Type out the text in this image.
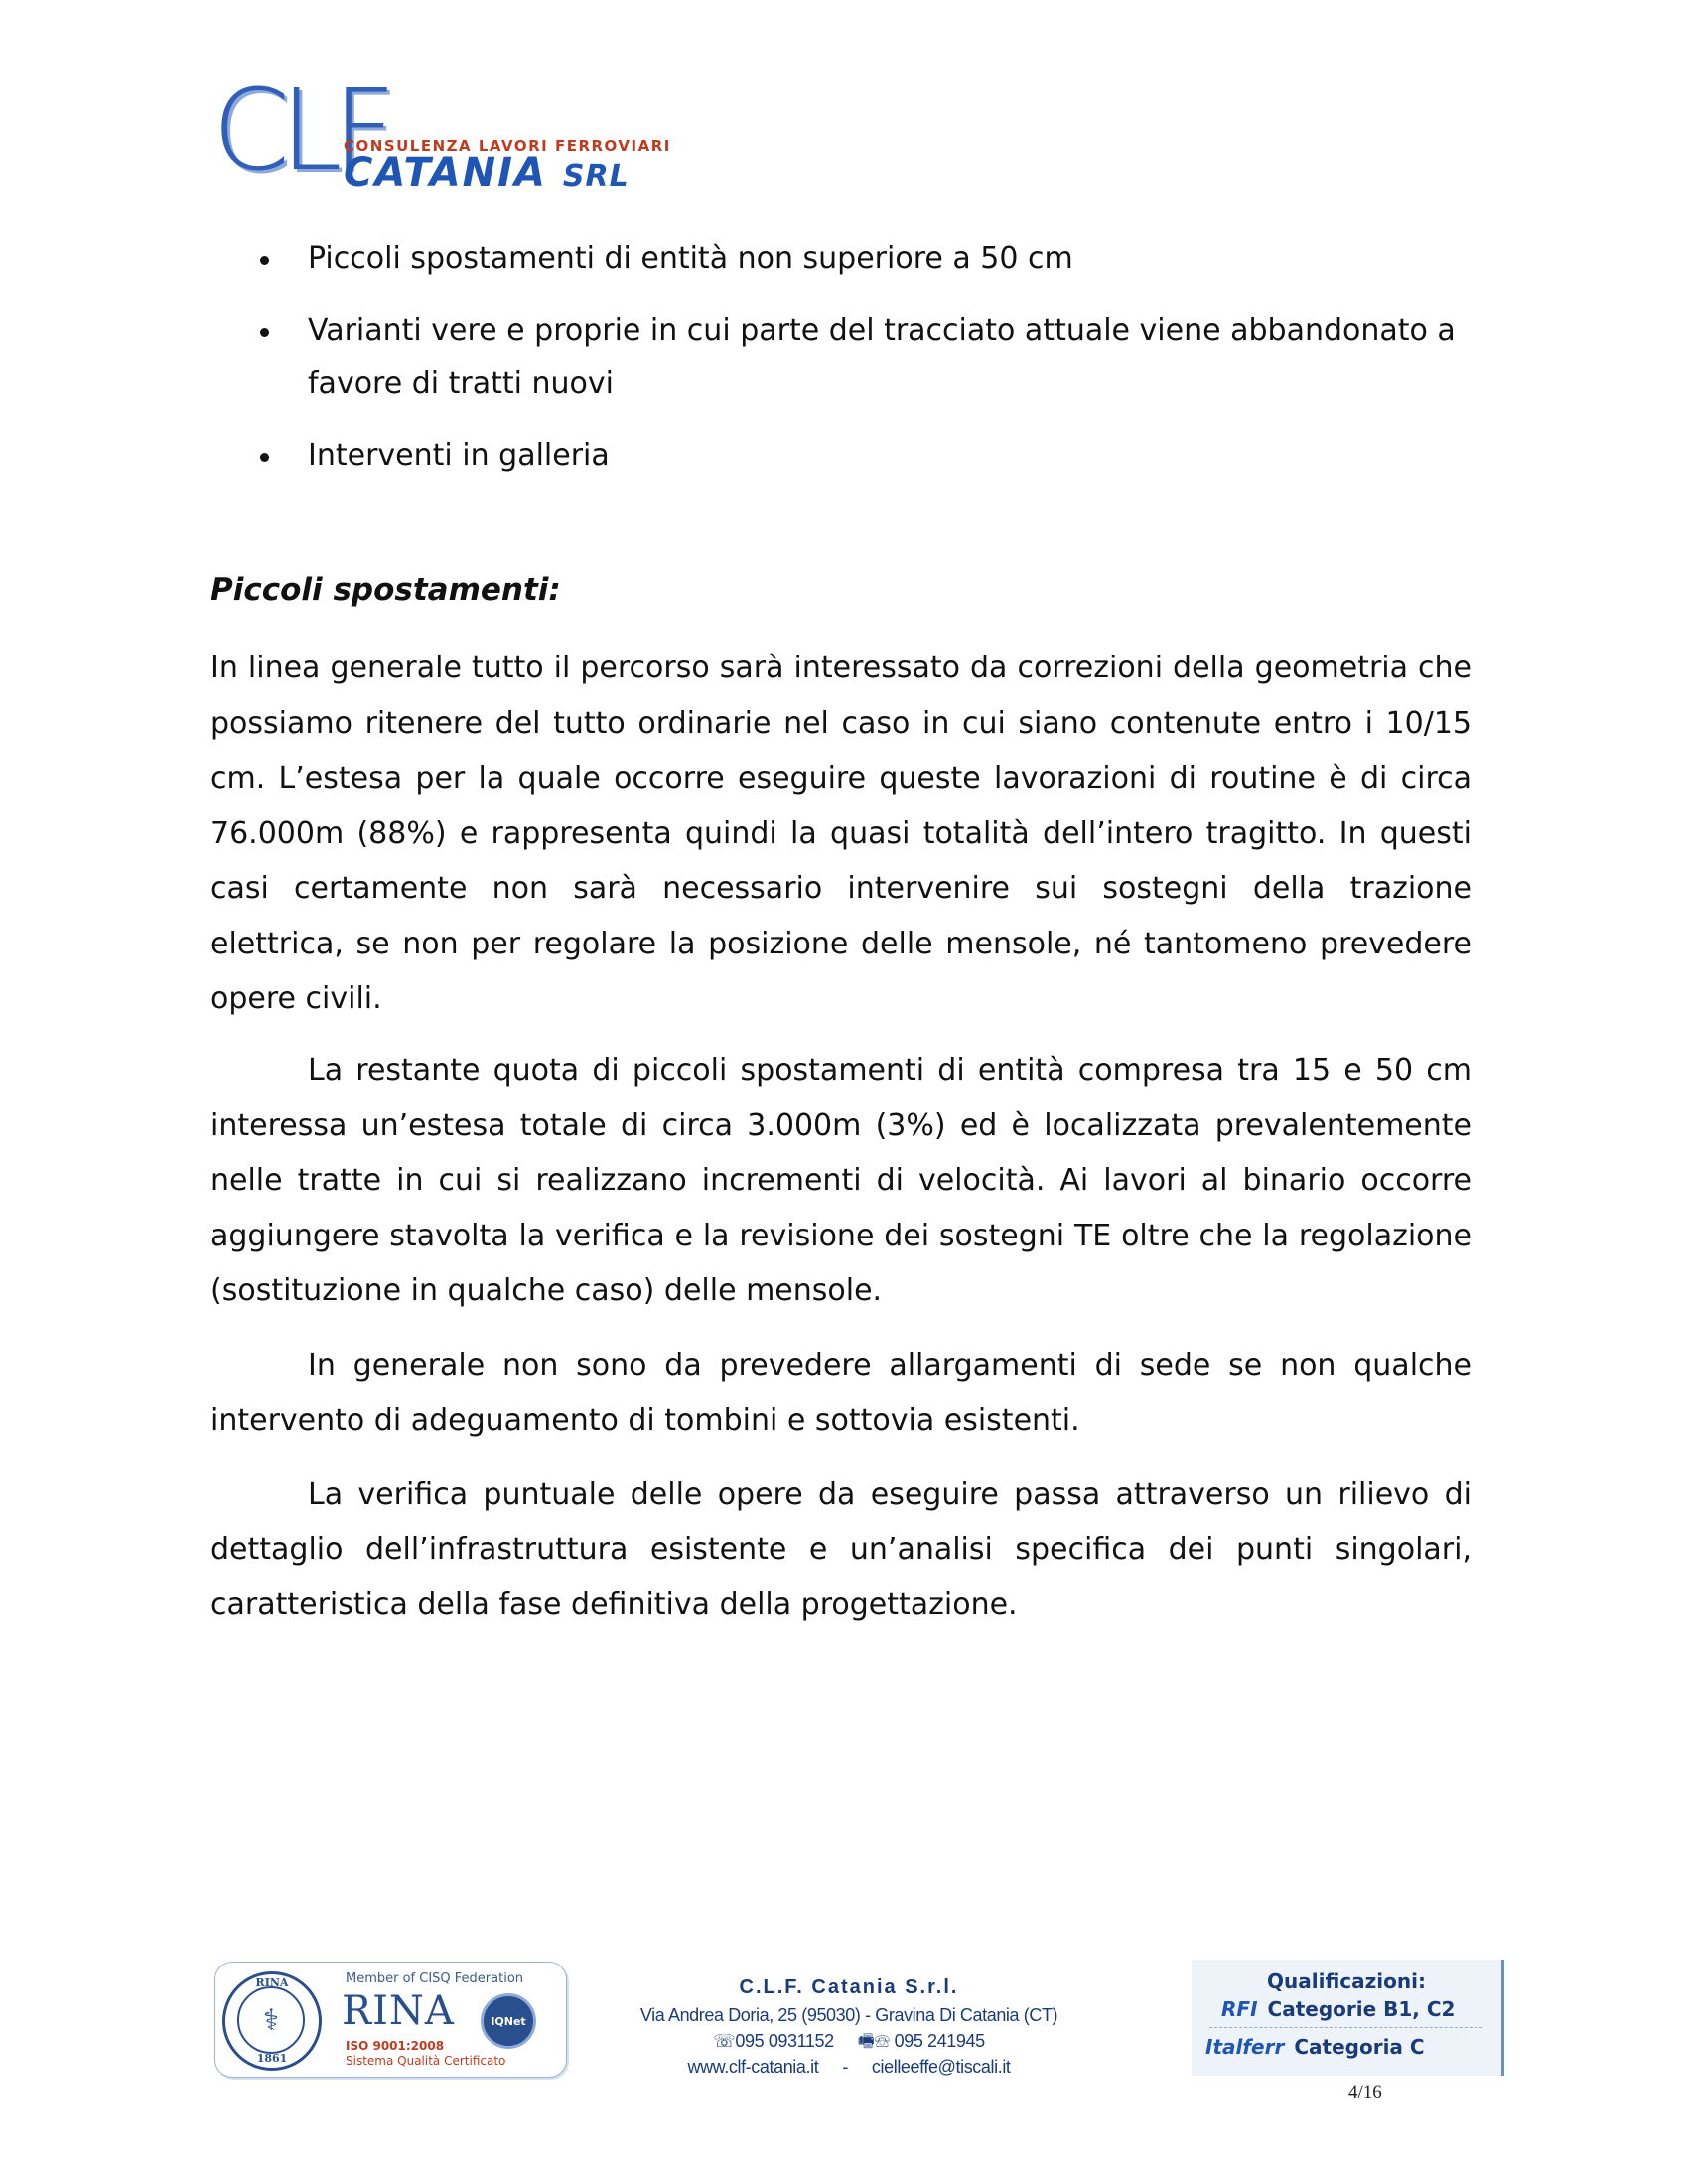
CLF
CONSULENZA LAVORI FERROVIARI
CATANIA SRL
Piccoli spostamenti di entità non superiore a 50 cm
Varianti vere e proprie in cui parte del tracciato attuale viene abbandonato a favore di tratti nuovi
Interventi in galleria
Piccoli spostamenti:

In linea generale tutto il percorso sarà interessato da correzioni della geometria che possiamo ritenere del tutto ordinarie nel caso in cui siano contenute entro i 10/15 cm. L’estesa per la quale occorre eseguire queste lavorazioni di routine è di circa 76.000m (88%) e rappresenta quindi la quasi totalità dell’intero tragitto. In questi casi certamente non sarà necessario intervenire sui sostegni della trazione elettrica, se non per regolare la posizione delle mensole, né tantomeno prevedere opere civili.

La restante quota di piccoli spostamenti di entità compresa tra 15 e 50 cm interessa un’estesa totale di circa 3.000m (3%) ed è localizzata prevalentemente nelle tratte in cui si realizzano incrementi di velocità. Ai lavori al binario occorre aggiungere stavolta la verifica e la revisione dei sostegni TE oltre che la regolazione (sostituzione in qualche caso) delle mensole.

In generale non sono da prevedere allargamenti di sede se non qualche intervento di adeguamento di tombini e sottovia esistenti.

La verifica puntuale delle opere da eseguire passa attraverso un rilievo di dettaglio dell’infrastruttura esistente e un’analisi specifica dei punti singolari, caratteristica della fase definitiva della progettazione.

RINA
⚕
1861
Member of CISQ Federation
RINA
ISO 9001:2008
Sistema Qualità Certificato
IQNet
C.L.F. Catania S.r.l.
Via Andrea Doria, 25 (95030) - Gravina Di Catania (CT)
☏095 0931152 🖷☏ 095 241945
www.clf-catania.it - cielleeffe@tiscali.it
Qualificazioni:
RFI Categorie B1, C2
Italferr Categoria C
4/16
